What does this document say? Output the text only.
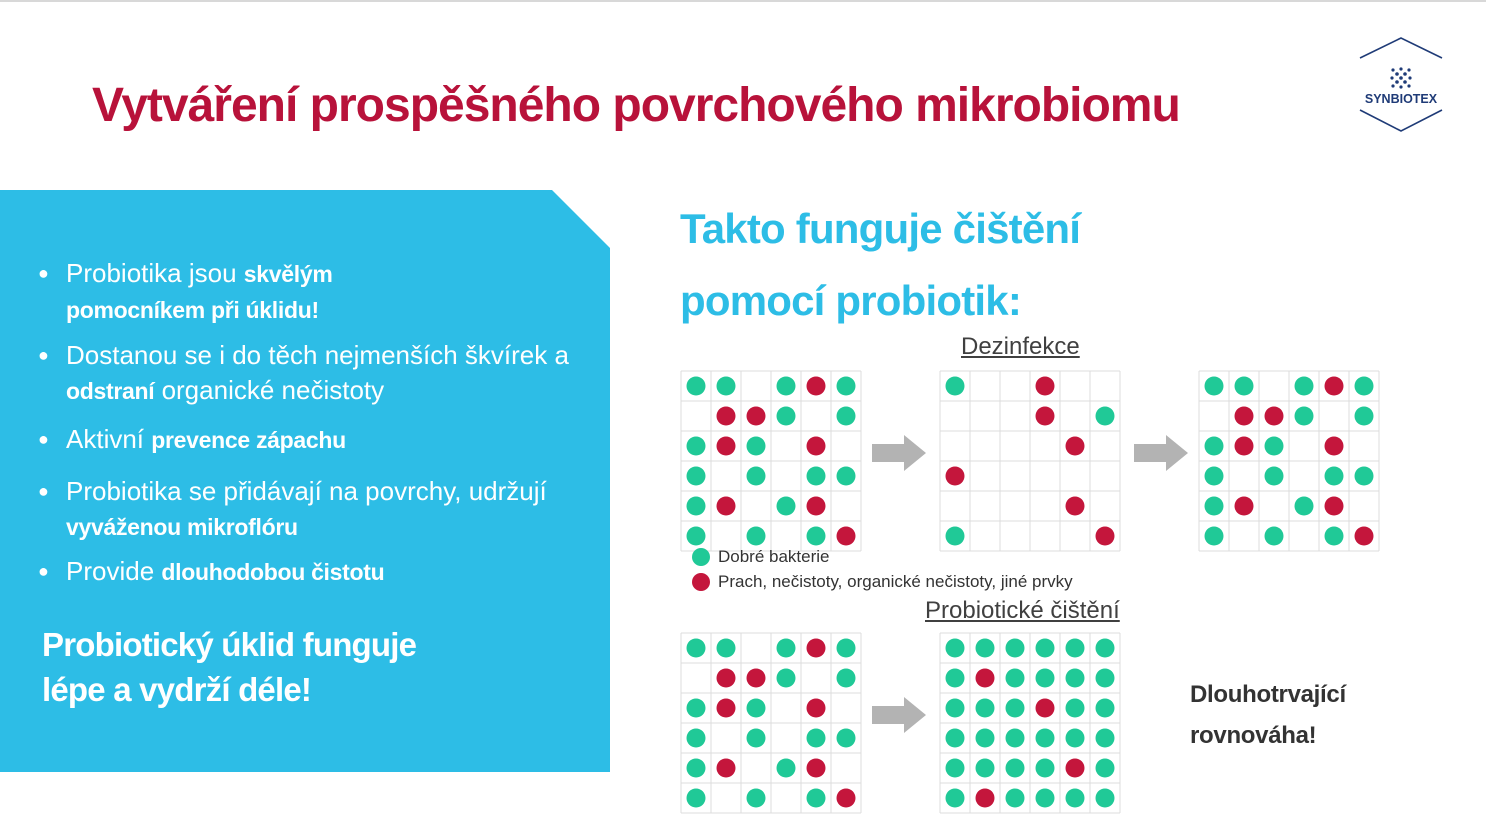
Vytváření prospěšného povrchového mikrobiomu	SYNBIOTEX
● Probiotika jsou skvělým pomocníkem při úklidu!
● Dostanou se i do těch nejmenších škvírek a odstraní organické nečistoty
● Aktivní prevence zápachu
● Probiotika se přidávají na povrchy, udržují vyváženou mikroflóru
● Provide dlouhodobou čistotu

Probiotický úklid funguje
lépe a vydrží déle!

Takto funguje čištění
pomocí probiotik:

Dezinfekce
Dobré bakterie
Prach, nečistoty, organické nečistoty, jiné prvky
Probiotické čištění

Dlouhotrvající
rovnováha!
